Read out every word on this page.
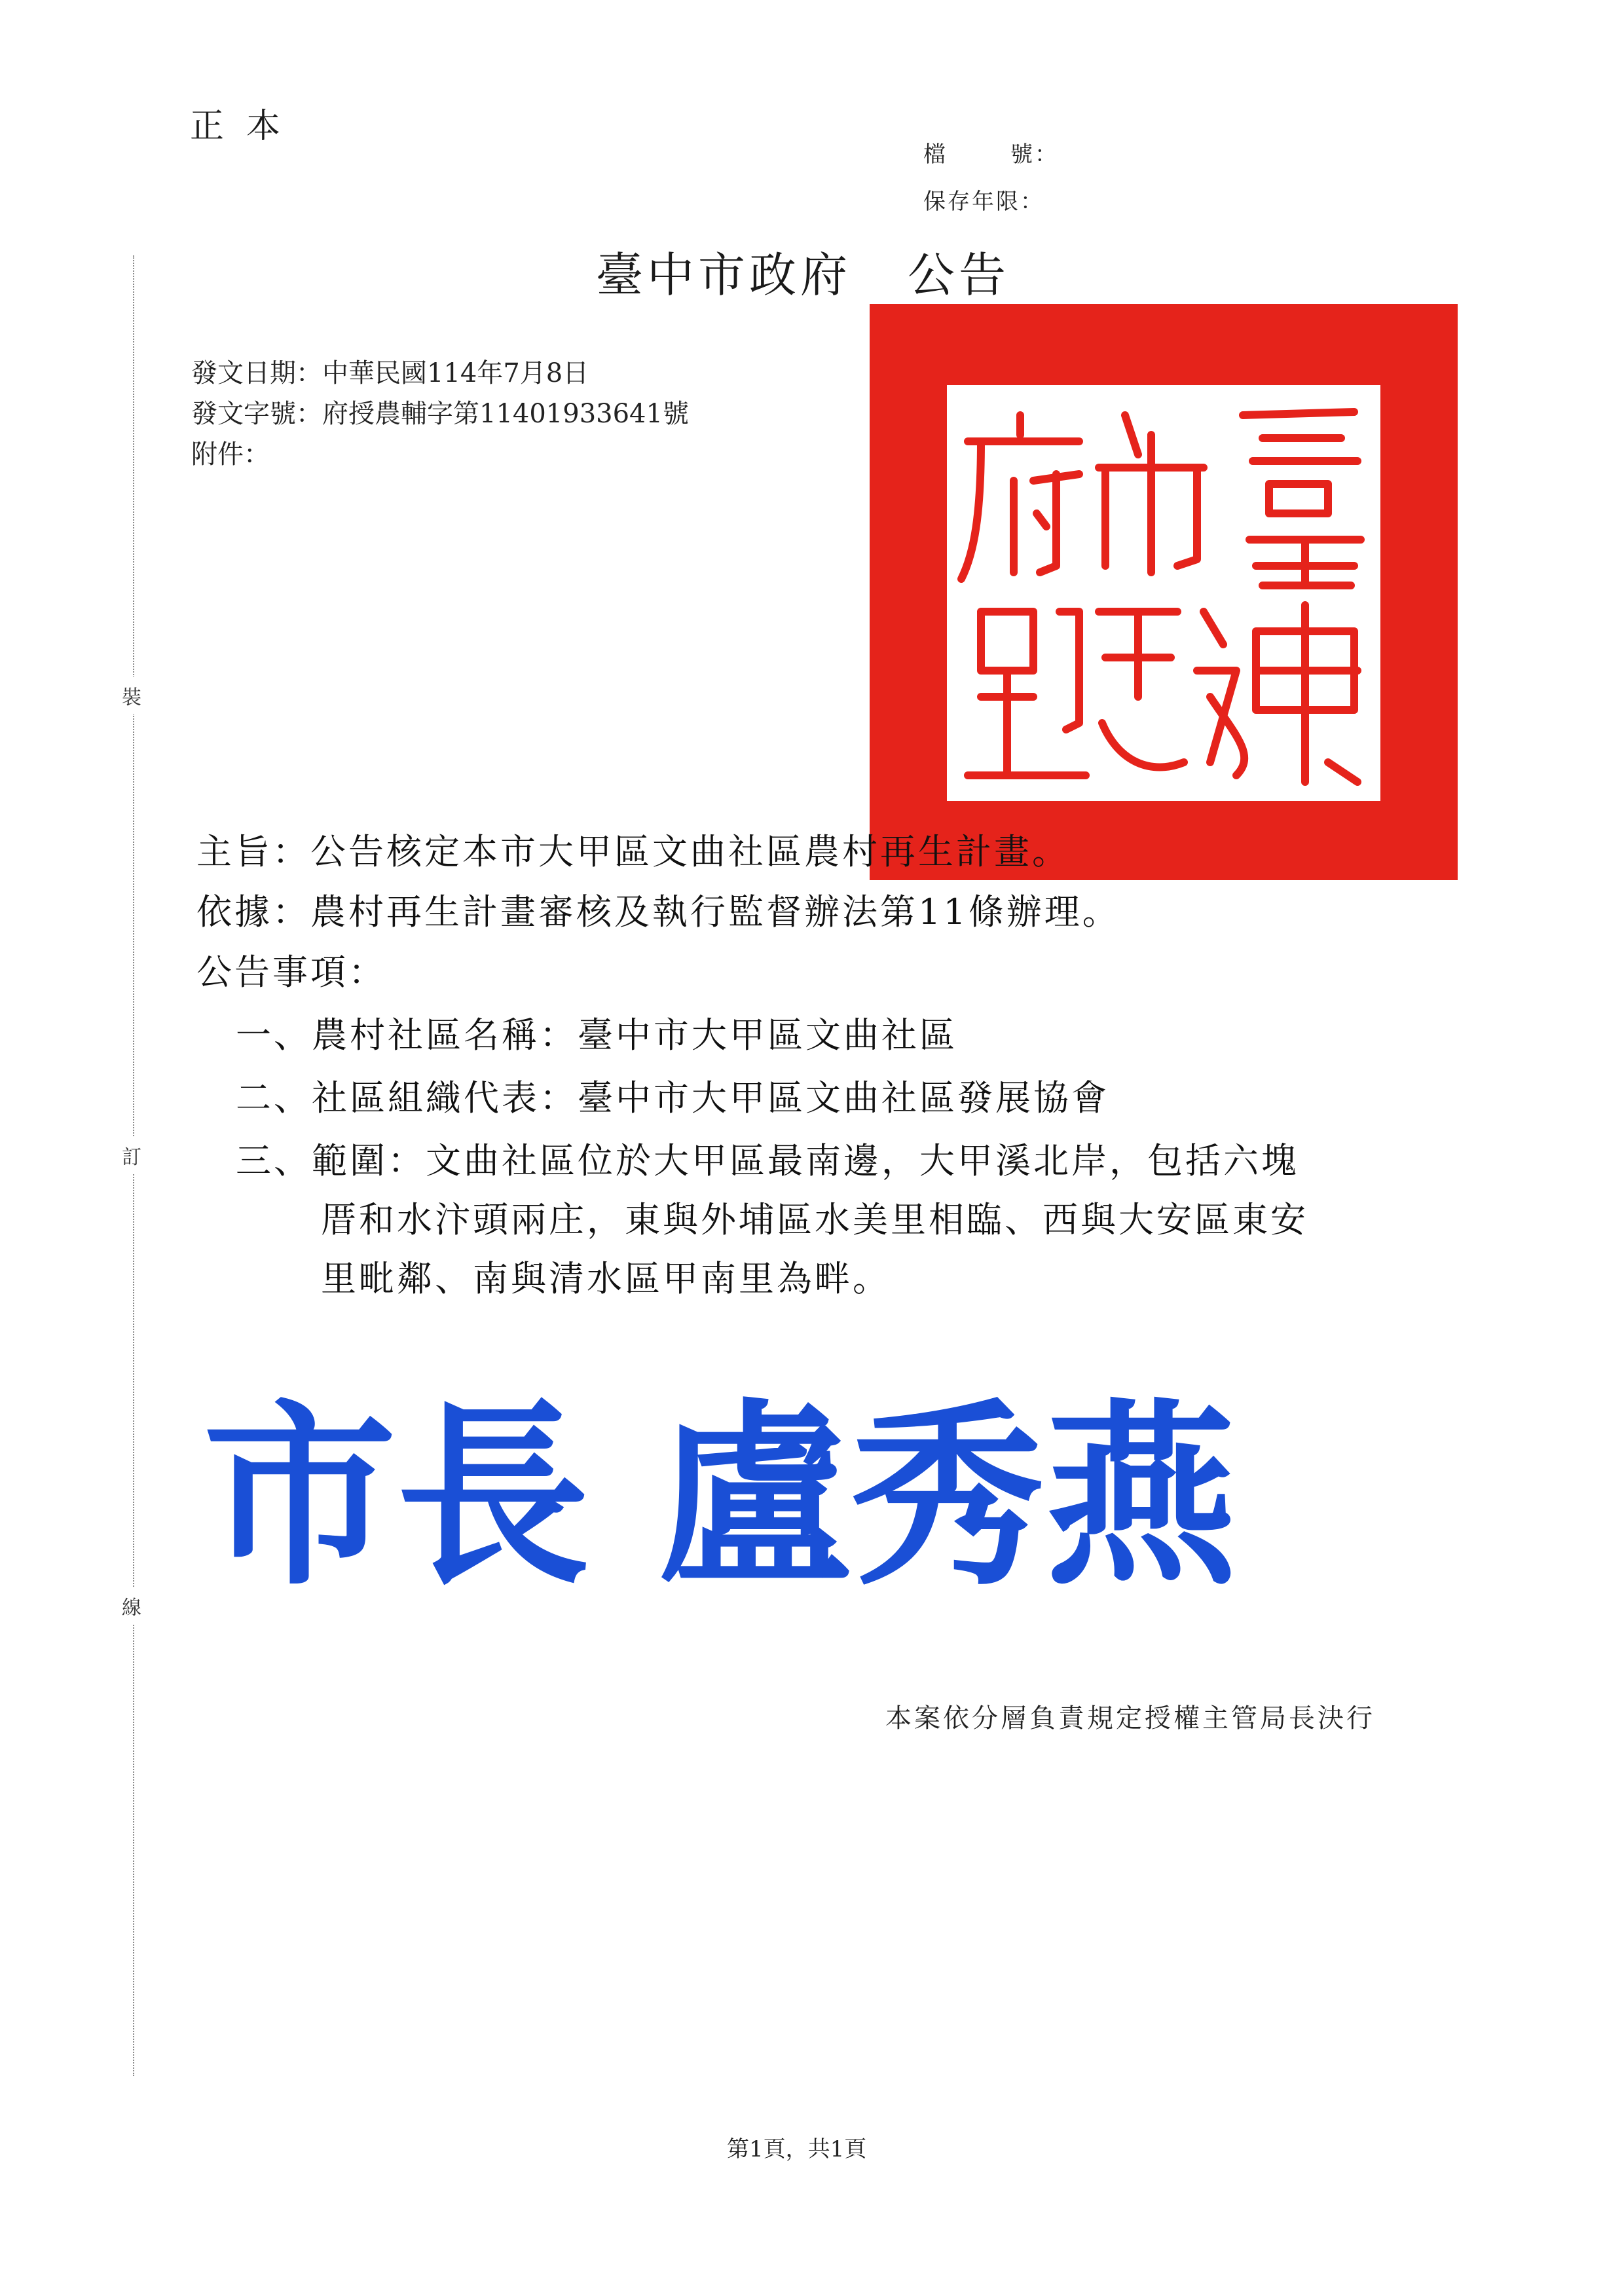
正本
檔	號：
保存年限：
臺中市政府 公告
發文日期：中華民國114年7月8日
發文字號：府授農輔字第11401933641號
附件：
裝
訂
線
主旨：公告核定本市大甲區文曲社區農村再生計畫。
依據：農村再生計畫審核及執行監督辦法第11條辦理。
公告事項：
一、農村社區名稱：臺中市大甲區文曲社區
二、社區組織代表：臺中市大甲區文曲社區發展協會
三、範圍：文曲社區位於大甲區最南邊，大甲溪北岸，包括六塊
厝和水汴頭兩庄，東與外埔區水美里相臨、西與大安區東安
里毗鄰、南與清水區甲南里為畔。
市長 盧秀燕
本案依分層負責規定授權主管局長決行
第1頁，共1頁
